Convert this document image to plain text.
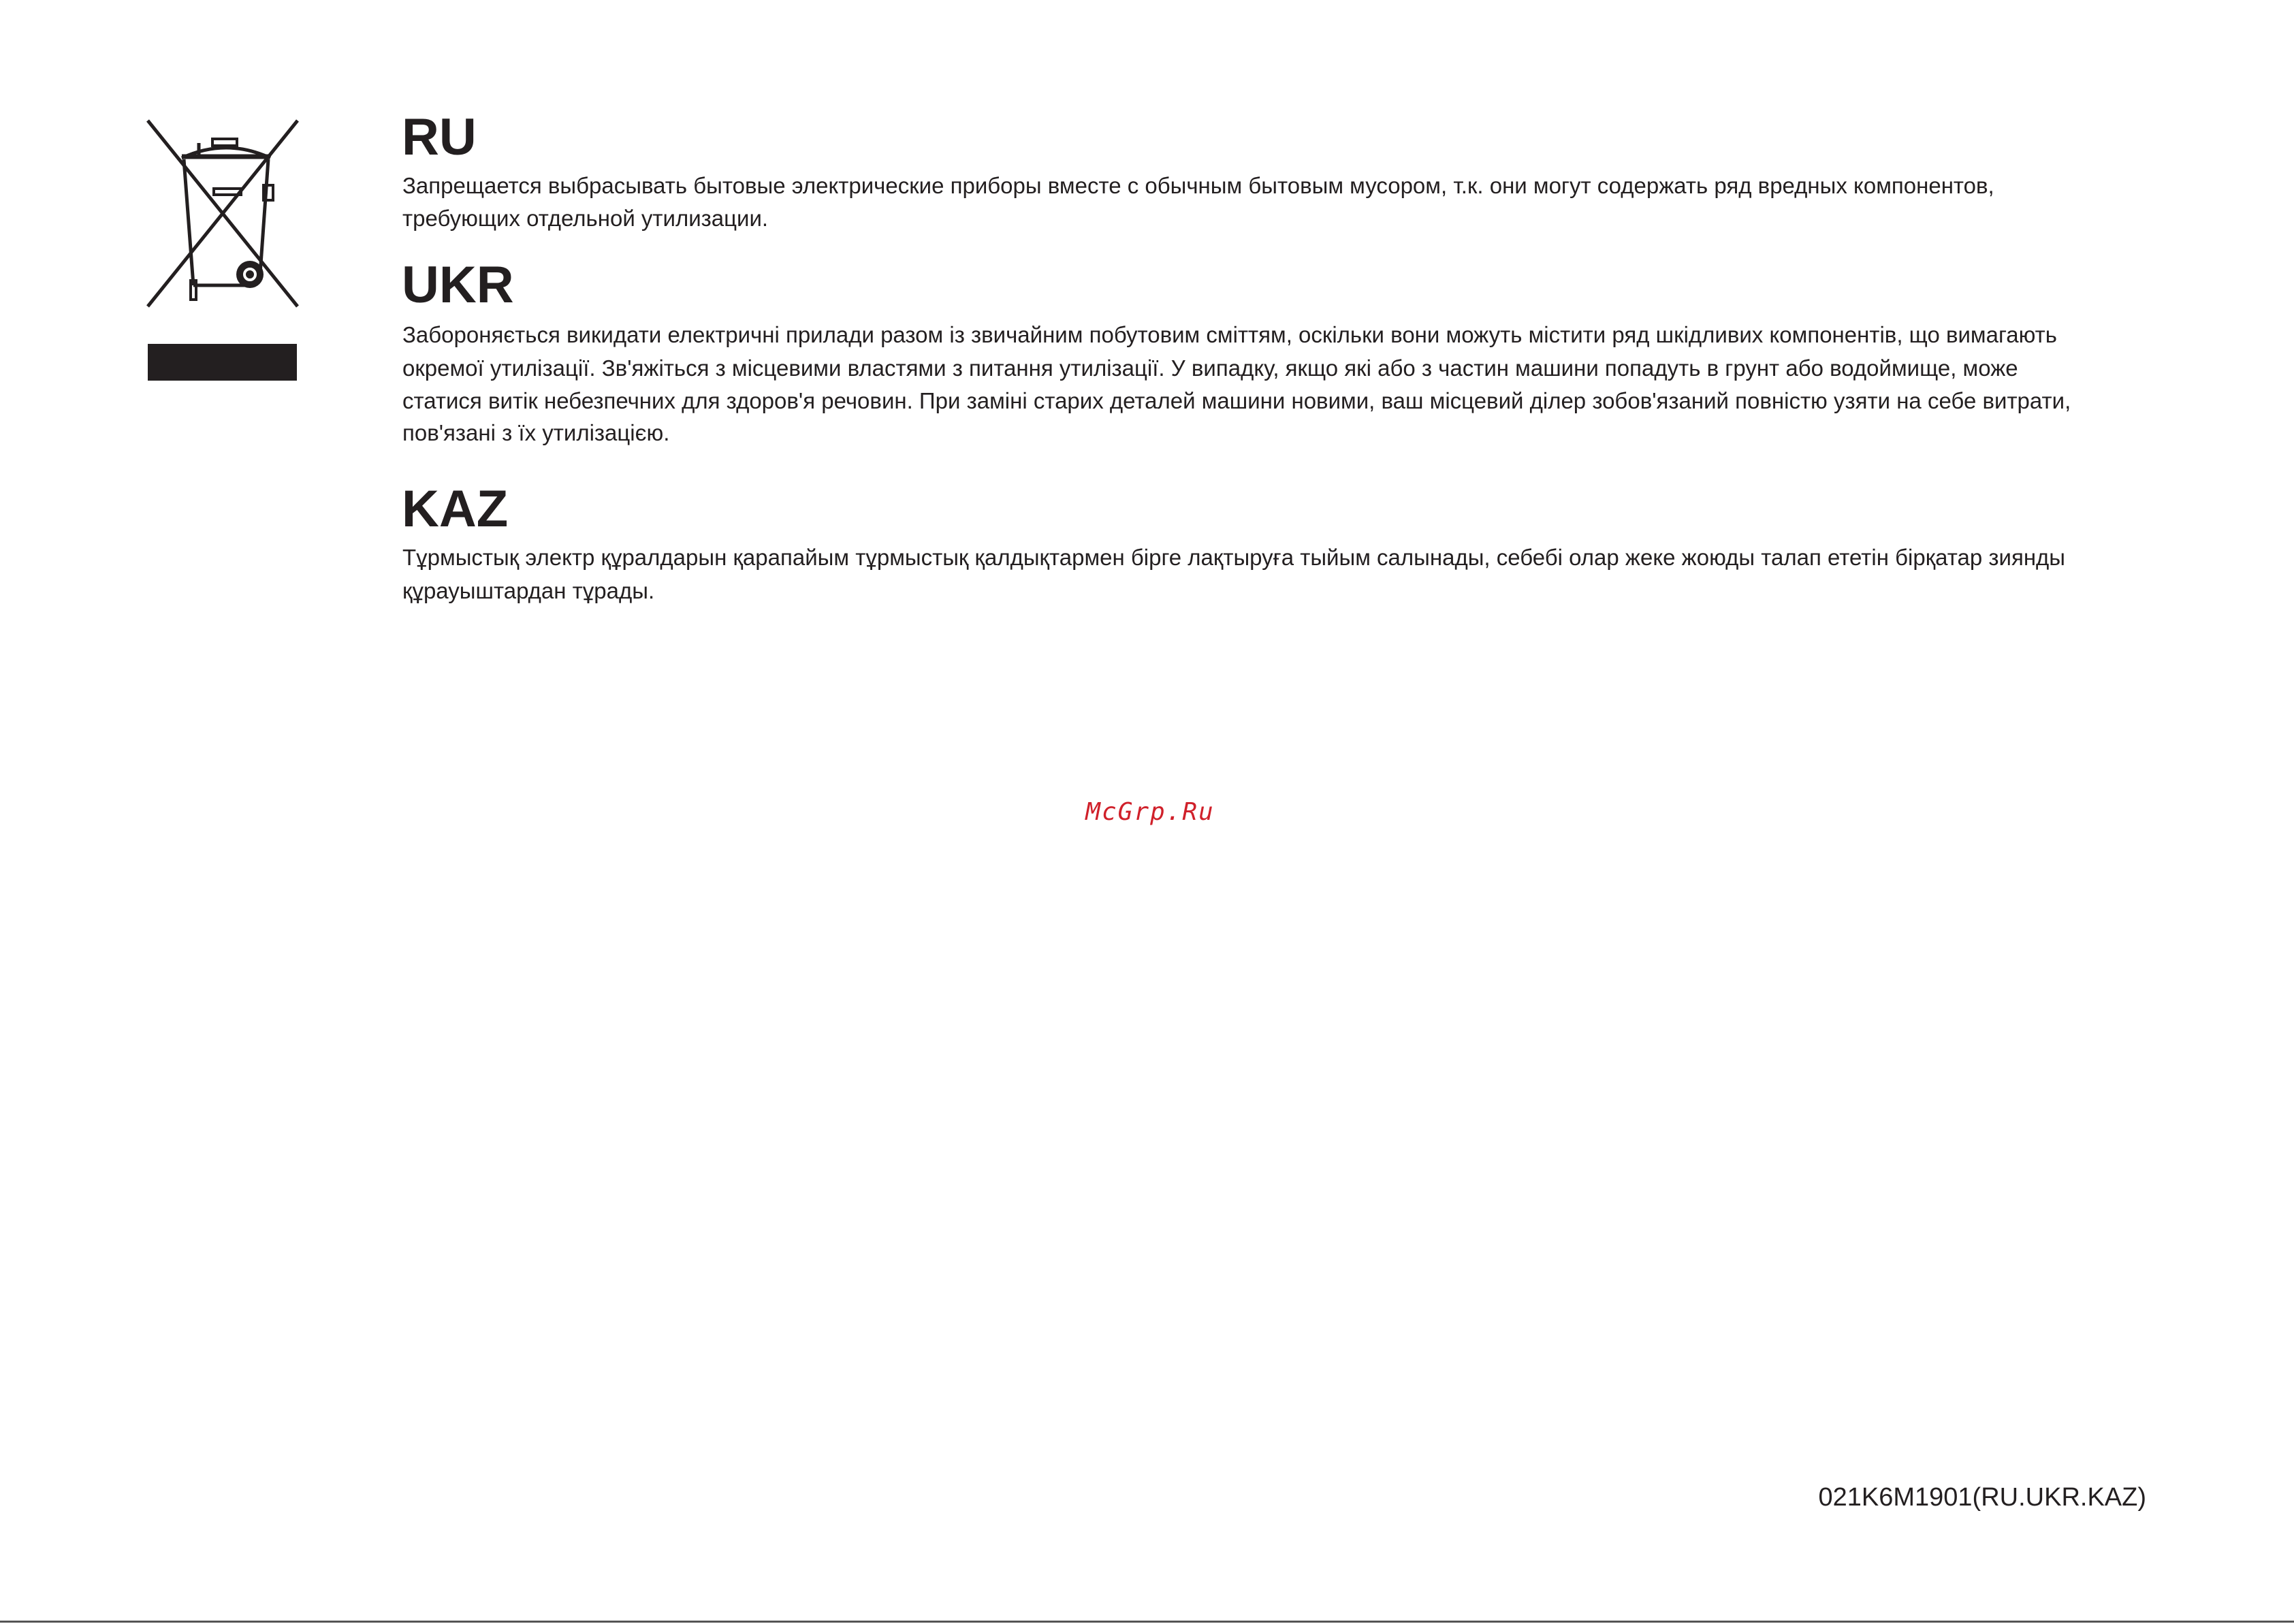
RU
Запрещается выбрасывать бытовые электрические приборы вместе с обычным бытовым мусором, т.к. они могут содержать ряд вредных компонентов,
требующих отдельной утилизации.
UKR
Забороняється викидати електричні прилади разом із звичайним побутовим сміттям, оскільки вони можуть містити ряд шкідливих компонентів, що вимагають
окремої утилізації. Зв'яжіться з місцевими властями з питання утилізації. У випадку, якщо які або з частин машини попадуть в грунт або водоймище, може
статися витік небезпечних для здоров'я речовин. При заміні старих деталей машини новими, ваш місцевий ділер зобов'язаний повністю узяти на себе витрати,
пов'язані з їх утилізацією.
KAZ
Тұрмыстық электр құралдарын қарапайым тұрмыстық қалдықтармен бірге лақтыруға тыйым салынады, себебі олар жеке жоюды талап ететін бірқатар зиянды
құрауыштардан тұрады.
McGrp.Ru
021K6M1901(RU.UKR.KAZ)
